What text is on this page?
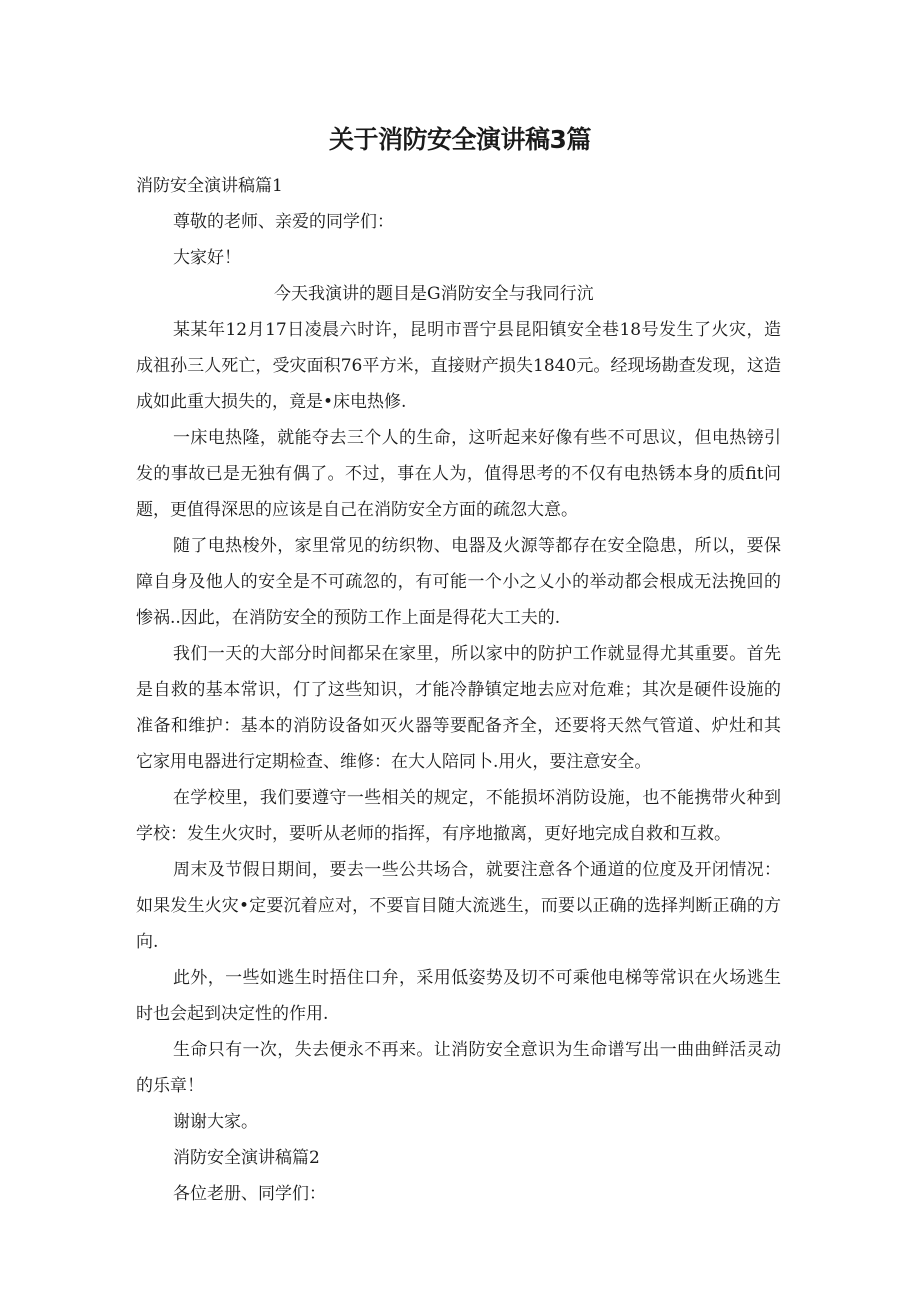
关于消防安全演讲稿3篇

消防安全演讲稿篇1

尊敬的老师、亲爱的同学们：

大家好！

今天我演讲的题目是G消防安全与我同行沆

某某年12月17日凌晨六时许，昆明市晋宁县昆阳镇安全巷18号发生了火灾，造成祖孙三人死亡，受灾面积76平方米，直接财产损失1840元。经现场勘查发现，这造成如此重大损失的，竟是•床电热修.

一床电热隆，就能夺去三个人的生命，这听起来好像有些不可思议，但电热镑引发的事故已是无独有偶了。不过，事在人为，值得思考的不仅有电热锈本身的质fit问题，更值得深思的应该是自己在消防安全方面的疏忽大意。

随了电热梭外，家里常见的纺织物、电器及火源等都存在安全隐患，所以，要保障自身及他人的安全是不可疏忽的，有可能一个小之乂小的举动都会根成无法挽回的惨祸..因此，在消防安全的预防工作上面是得花大工夫的.

我们一天的大部分时间都呆在家里，所以家中的防护工作就显得尤其重要。首先是自救的基本常识，仃了这些知识，才能冷静镇定地去应对危难；其次是硬件设施的准备和维护：基本的消防设备如灭火器等要配备齐全，还要将天然气管道、炉灶和其它家用电器进行定期检查、维修：在大人陪同卜.用火，要注意安全。

在学校里，我们要遵守一些相关的规定，不能损坏消防设施，也不能携带火种到学校：发生火灾时，要听从老师的指挥，有序地撤离，更好地完成自救和互救。

周末及节假日期间，要去一些公共场合，就要注意各个通道的位度及开闭情况：如果发生火灾•定要沉着应对，不要盲目随大流逃生，而要以正确的选择判断正确的方向.

此外，一些如逃生时捂住口弁，采用低姿势及切不可乘他电梯等常识在火场逃生时也会起到决定性的作用.

生命只有一次，失去便永不再来。让消防安全意识为生命谱写出一曲曲鲜活灵动的乐章！

谢谢大家。

消防安全演讲稿篇2

各位老册、同学们：
